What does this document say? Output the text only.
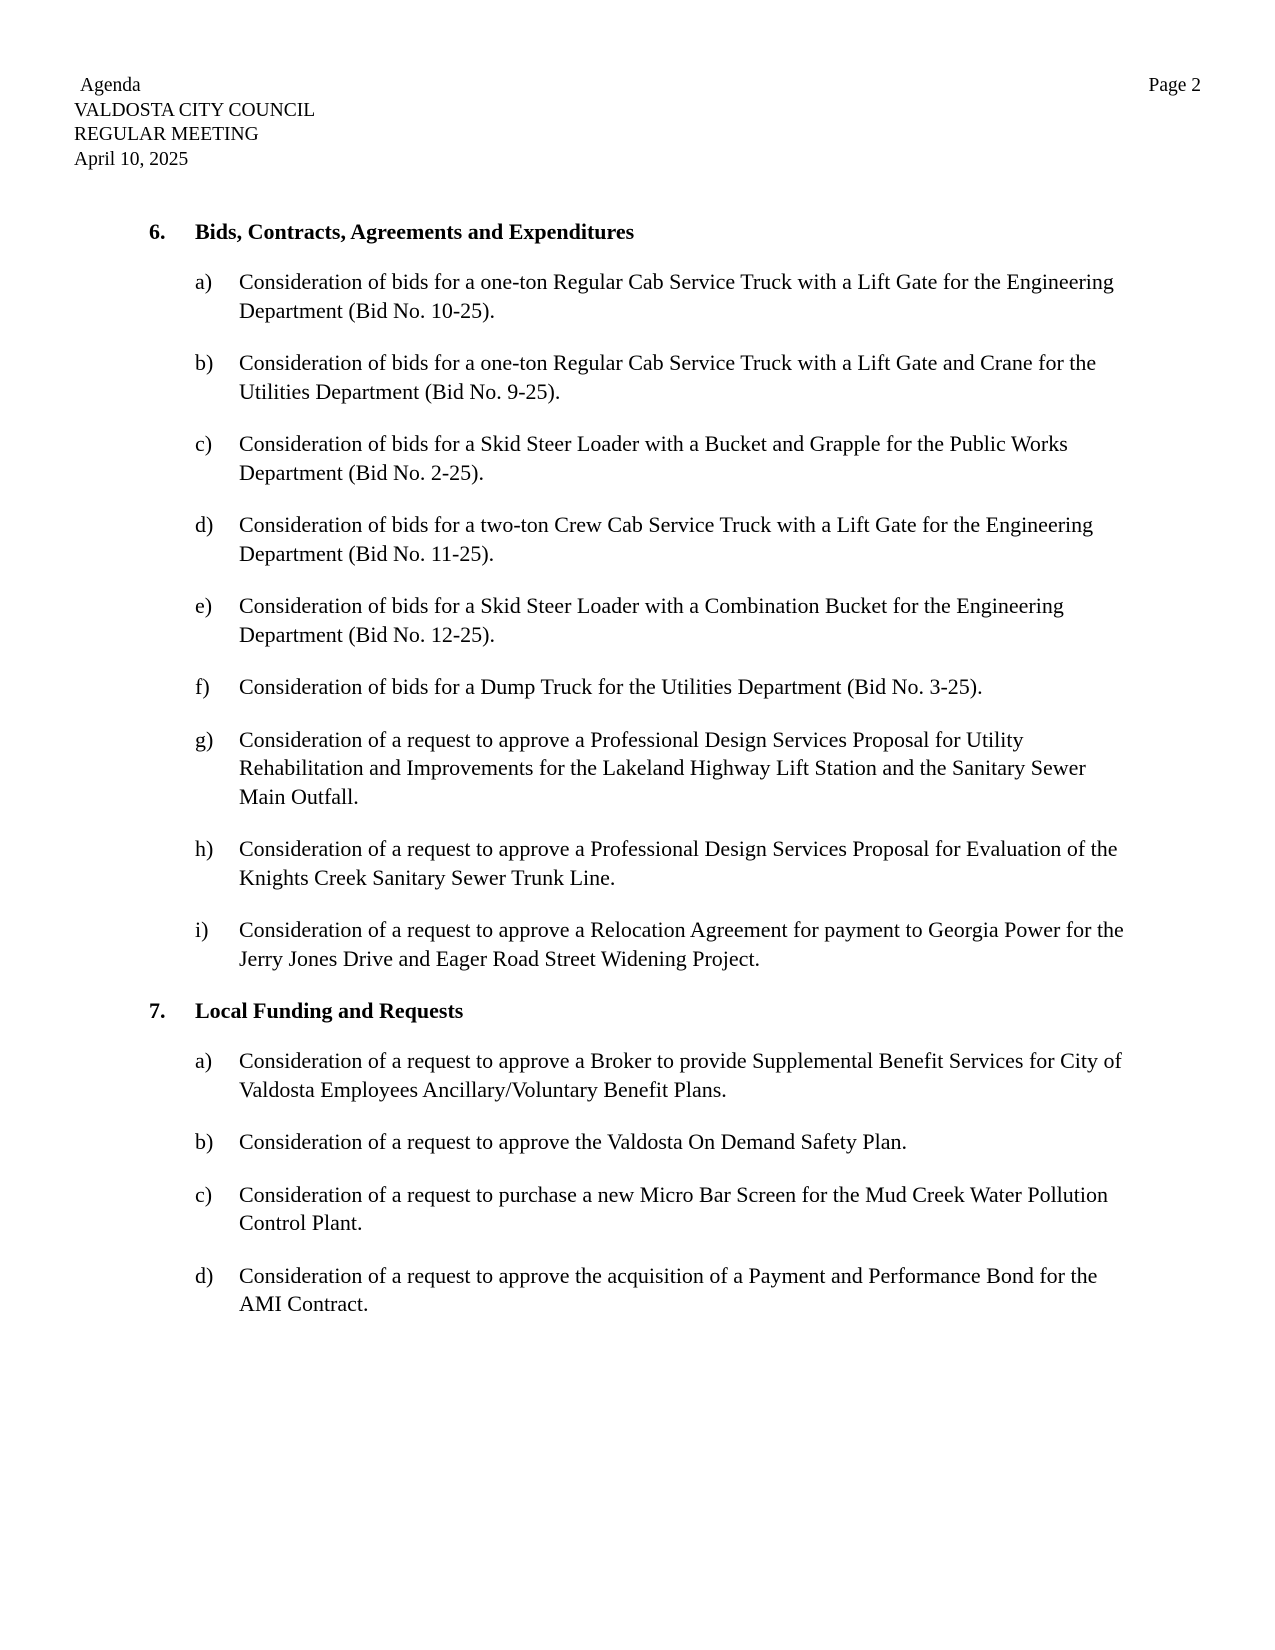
Agenda
VALDOSTA CITY COUNCIL
REGULAR MEETING
April 10, 2025
Page 2
6.	Bids, Contracts, Agreements and Expenditures
a)	Consideration of bids for a one-ton Regular Cab Service Truck with a Lift Gate for the Engineering Department (Bid No. 10-25).
b)	Consideration of bids for a one-ton Regular Cab Service Truck with a Lift Gate and Crane for the Utilities Department (Bid No. 9-25).
c)	Consideration of bids for a Skid Steer Loader with a Bucket and Grapple for the Public Works Department (Bid No. 2-25).
d)	Consideration of bids for a two-ton Crew Cab Service Truck with a Lift Gate for the Engineering Department (Bid No. 11-25).
e)	Consideration of bids for a Skid Steer Loader with a Combination Bucket for the Engineering Department (Bid No. 12-25).
f)	Consideration of bids for a Dump Truck for the Utilities Department (Bid No. 3-25).
g)	Consideration of a request to approve a Professional Design Services Proposal for Utility Rehabilitation and Improvements for the Lakeland Highway Lift Station and the Sanitary Sewer Main Outfall.
h)	Consideration of a request to approve a Professional Design Services Proposal for Evaluation of the Knights Creek Sanitary Sewer Trunk Line.
i)	Consideration of a request to approve a Relocation Agreement for payment to Georgia Power for the Jerry Jones Drive and Eager Road Street Widening Project.
7.	Local Funding and Requests
a)	Consideration of a request to approve a Broker to provide Supplemental Benefit Services for City of Valdosta Employees Ancillary/Voluntary Benefit Plans.
b)	Consideration of a request to approve the Valdosta On Demand Safety Plan.
c)	Consideration of a request to purchase a new Micro Bar Screen for the Mud Creek Water Pollution Control Plant.
d)	Consideration of a request to approve the acquisition of a Payment and Performance Bond for the AMI Contract.
